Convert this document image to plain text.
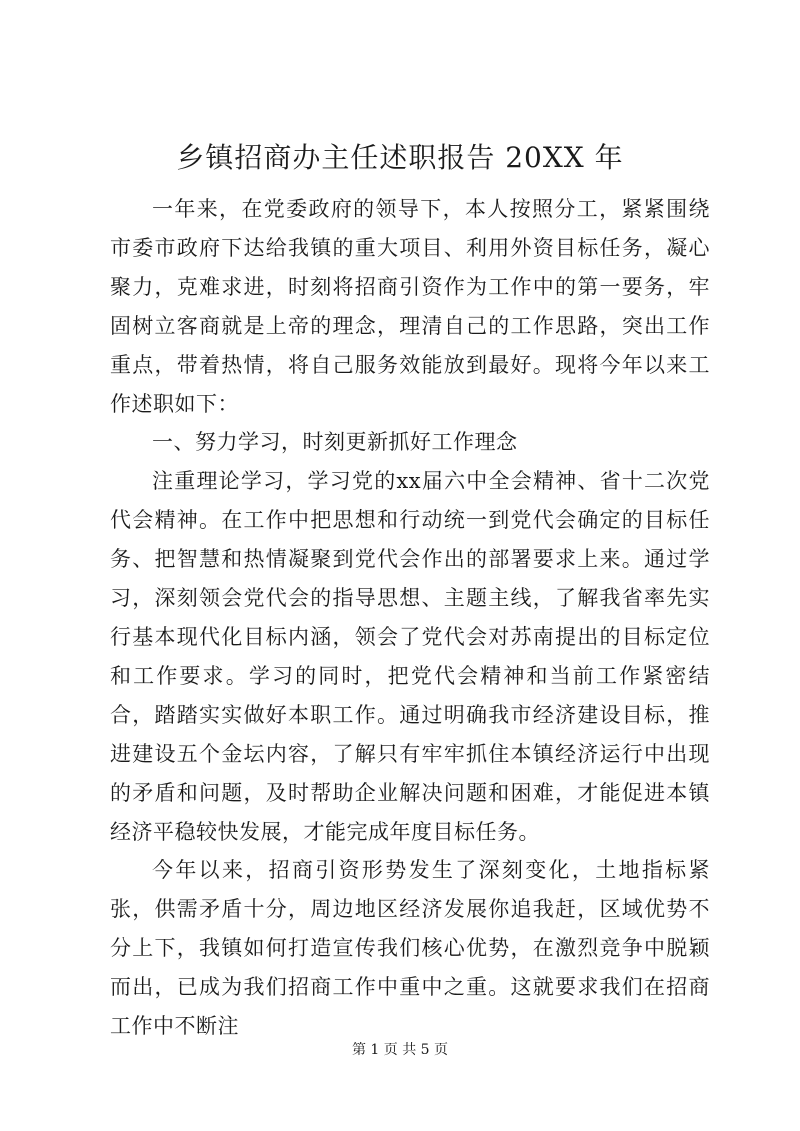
乡镇招商办主任述职报告 20XX 年

一年来，在党委政府的领导下，本人按照分工，紧紧围绕市委市政府下达给我镇的重大项目、利用外资目标任务，凝心聚力，克难求进，时刻将招商引资作为工作中的第一要务，牢固树立客商就是上帝的理念，理清自己的工作思路，突出工作重点，带着热情，将自己服务效能放到最好。现将今年以来工作述职如下：

一、努力学习，时刻更新抓好工作理念

注重理论学习，学习党的xx届六中全会精神、省十二次党代会精神。在工作中把思想和行动统一到党代会确定的目标任务、把智慧和热情凝聚到党代会作出的部署要求上来。通过学习，深刻领会党代会的指导思想、主题主线，了解我省率先实行基本现代化目标内涵，领会了党代会对苏南提出的目标定位和工作要求。学习的同时，把党代会精神和当前工作紧密结合，踏踏实实做好本职工作。通过明确我市经济建设目标，推进建设五个金坛内容，了解只有牢牢抓住本镇经济运行中出现的矛盾和问题，及时帮助企业解决问题和困难，才能促进本镇经济平稳较快发展，才能完成年度目标任务。

今年以来，招商引资形势发生了深刻变化，土地指标紧张，供需矛盾十分，周边地区经济发展你追我赶，区域优势不分上下，我镇如何打造宣传我们核心优势，在激烈竞争中脱颖而出，已成为我们招商工作中重中之重。这就要求我们在招商工作中不断注

第 1 页 共 5 页
